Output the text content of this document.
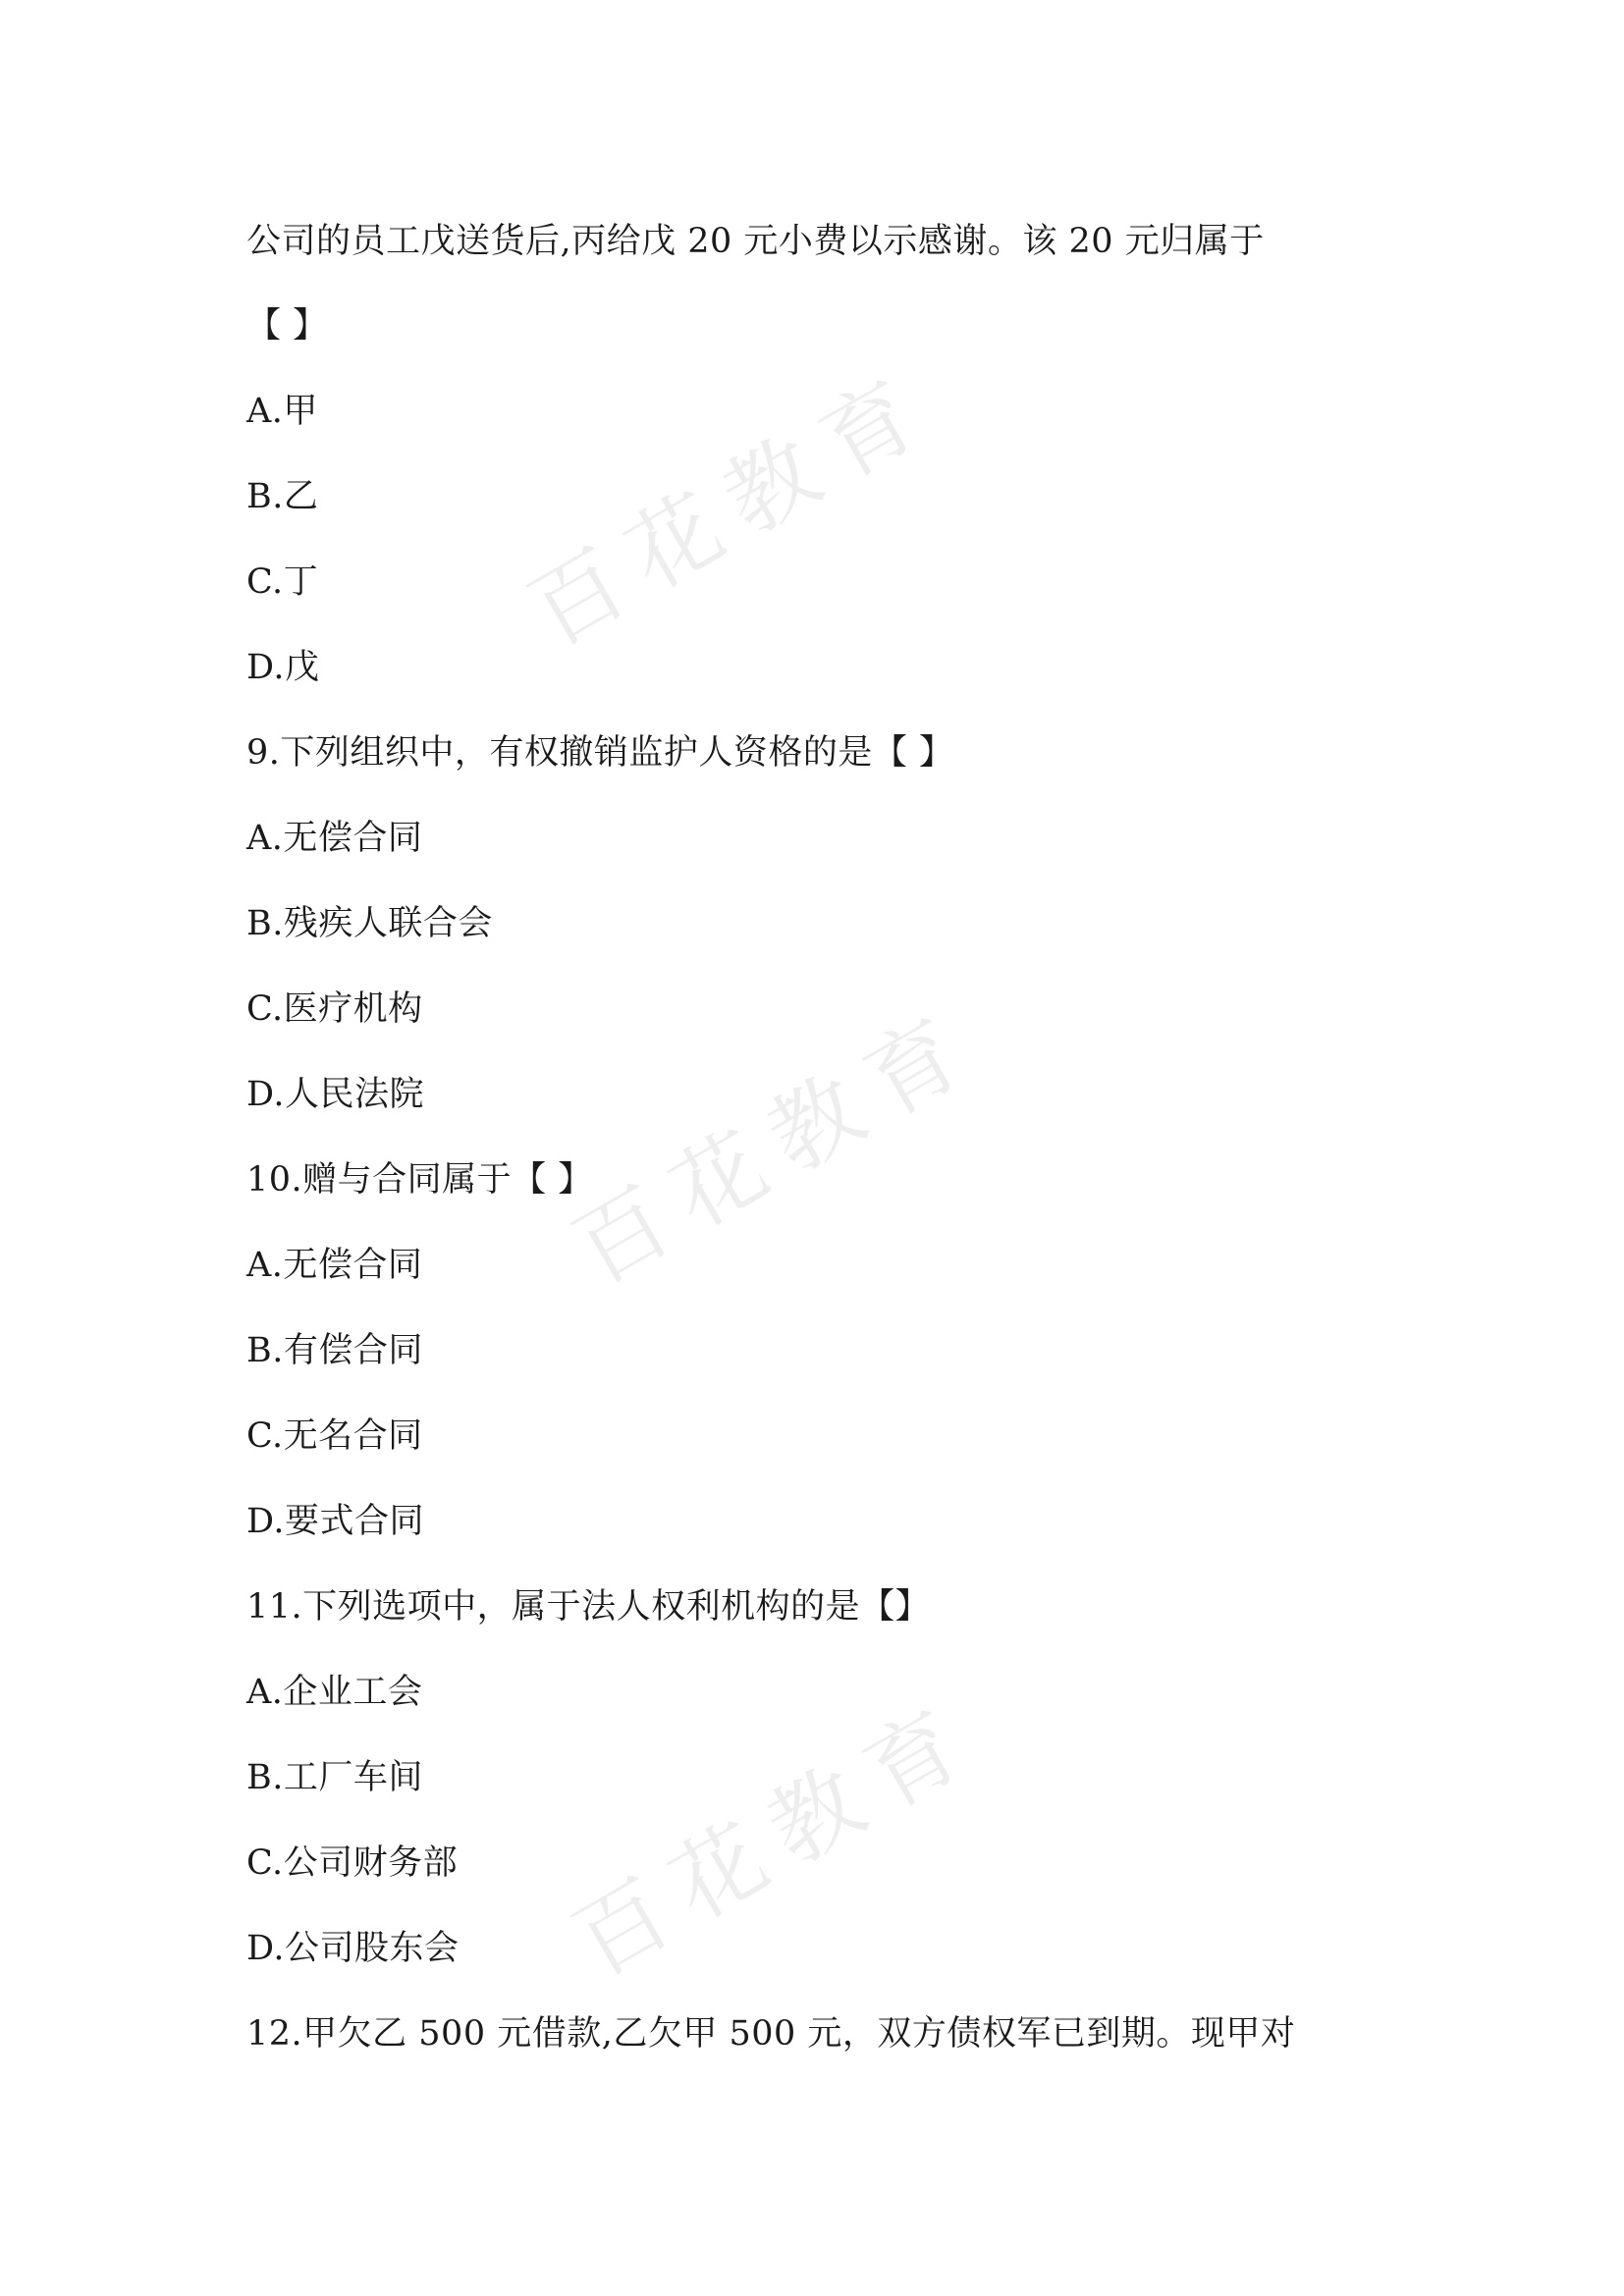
百花教育
百花教育
百花教育
公司的员工戊送货后,丙给戊 20 元小费以示感谢。该 20 元归属于
【 】
A.甲
B.乙
C.丁
D.戊
9.下列组织中，有权撤销监护人资格的是【 】
A.无偿合同
B.残疾人联合会
C.医疗机构
D.人民法院
10.赠与合同属于【 】
A.无偿合同
B.有偿合同
C.无名合同
D.要式合同
11.下列选项中，属于法人权利机构的是【】
A.企业工会
B.工厂车间
C.公司财务部
D.公司股东会
12.甲欠乙 500 元借款,乙欠甲 500 元，双方债权军已到期。现甲对
